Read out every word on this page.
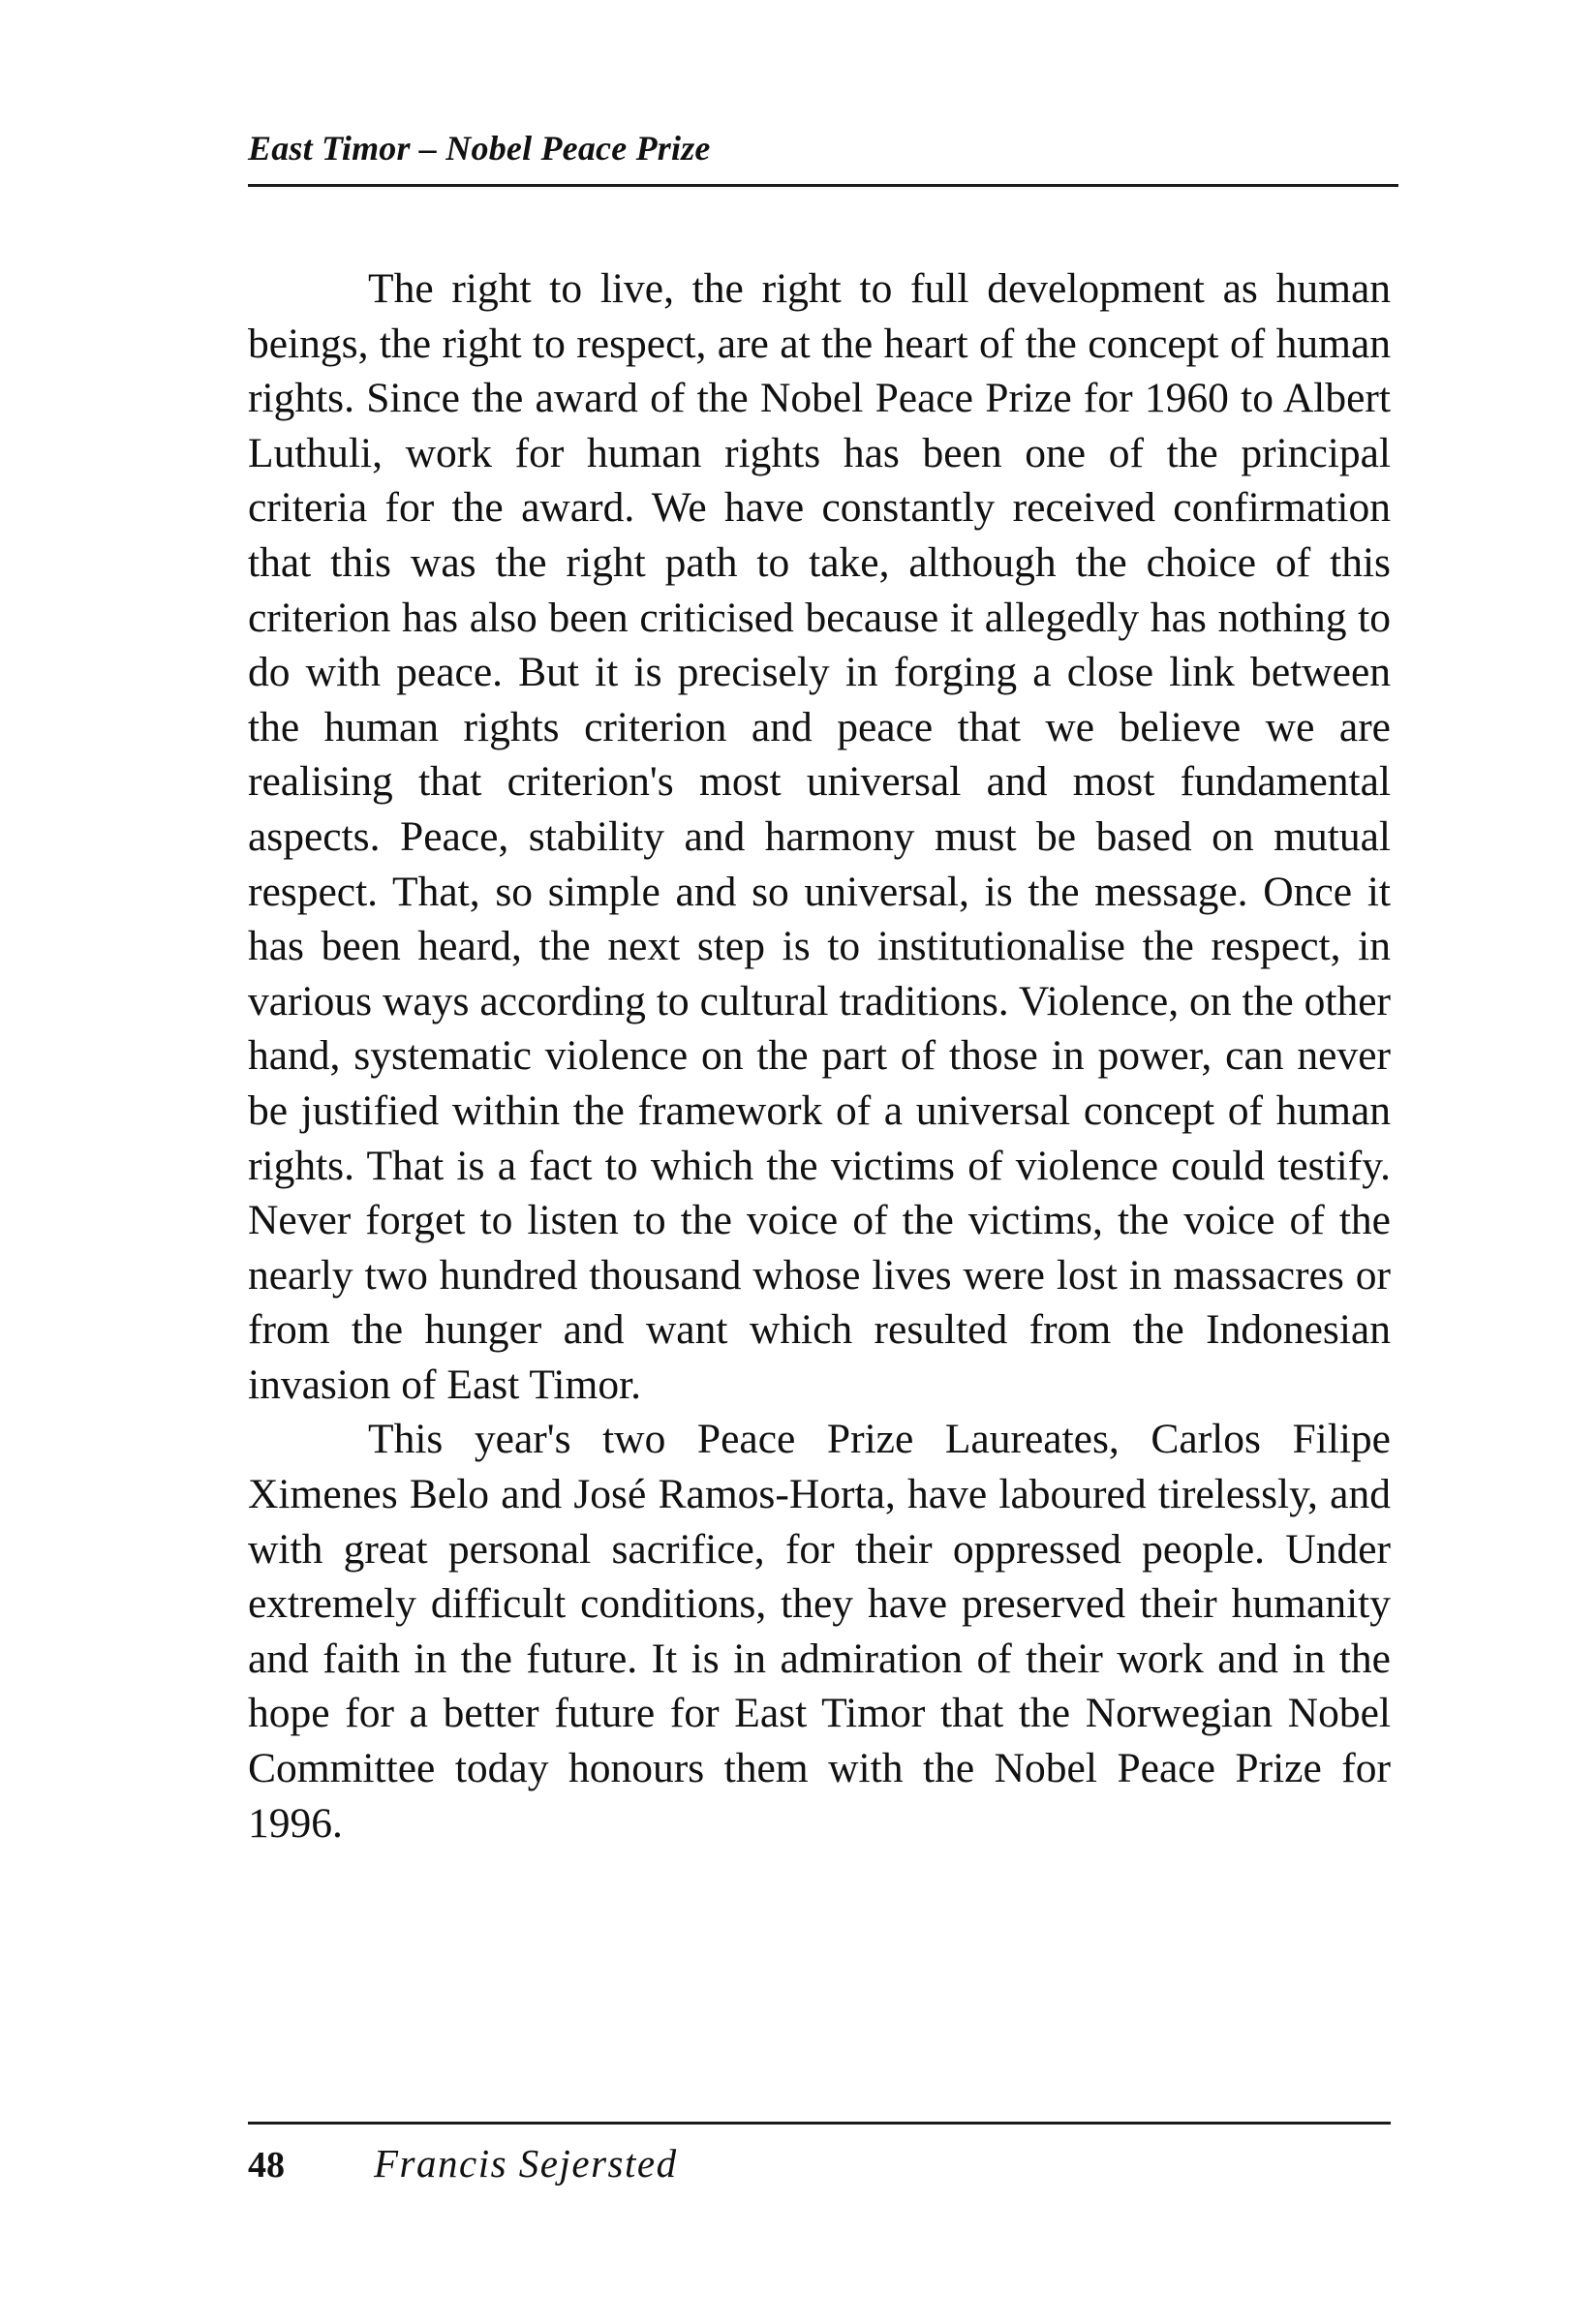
East Timor – Nobel Peace Prize

The right to live, the right to full development as human beings, the right to respect, are at the heart of the concept of human rights. Since the award of the Nobel Peace Prize for 1960 to Albert Luthuli, work for human rights has been one of the principal criteria for the award. We have constantly received confirmation that this was the right path to take, although the choice of this criterion has also been criticised because it allegedly has nothing to do with peace. But it is precisely in forging a close link between the human rights criterion and peace that we believe we are realising that criterion's most universal and most fundamental aspects. Peace, stability and harmony must be based on mutual respect. That, so simple and so universal, is the message. Once it has been heard, the next step is to institutionalise the respect, in various ways according to cultural traditions. Violence, on the other hand, systematic violence on the part of those in power, can never be justified within the framework of a universal concept of human rights. That is a fact to which the victims of violence could testify. Never forget to listen to the voice of the victims, the voice of the nearly two hundred thousand whose lives were lost in massacres or from the hunger and want which resulted from the Indonesian invasion of East Timor.

This year's two Peace Prize Laureates, Carlos Filipe Ximenes Belo and José Ramos-Horta, have laboured tirelessly, and with great personal sacrifice, for their oppressed people. Under extremely difficult conditions, they have preserved their humanity and faith in the future. It is in admiration of their work and in the hope for a better future for East Timor that the Norwegian Nobel Committee today honours them with the Nobel Peace Prize for 1996.

48	Francis Sejersted
